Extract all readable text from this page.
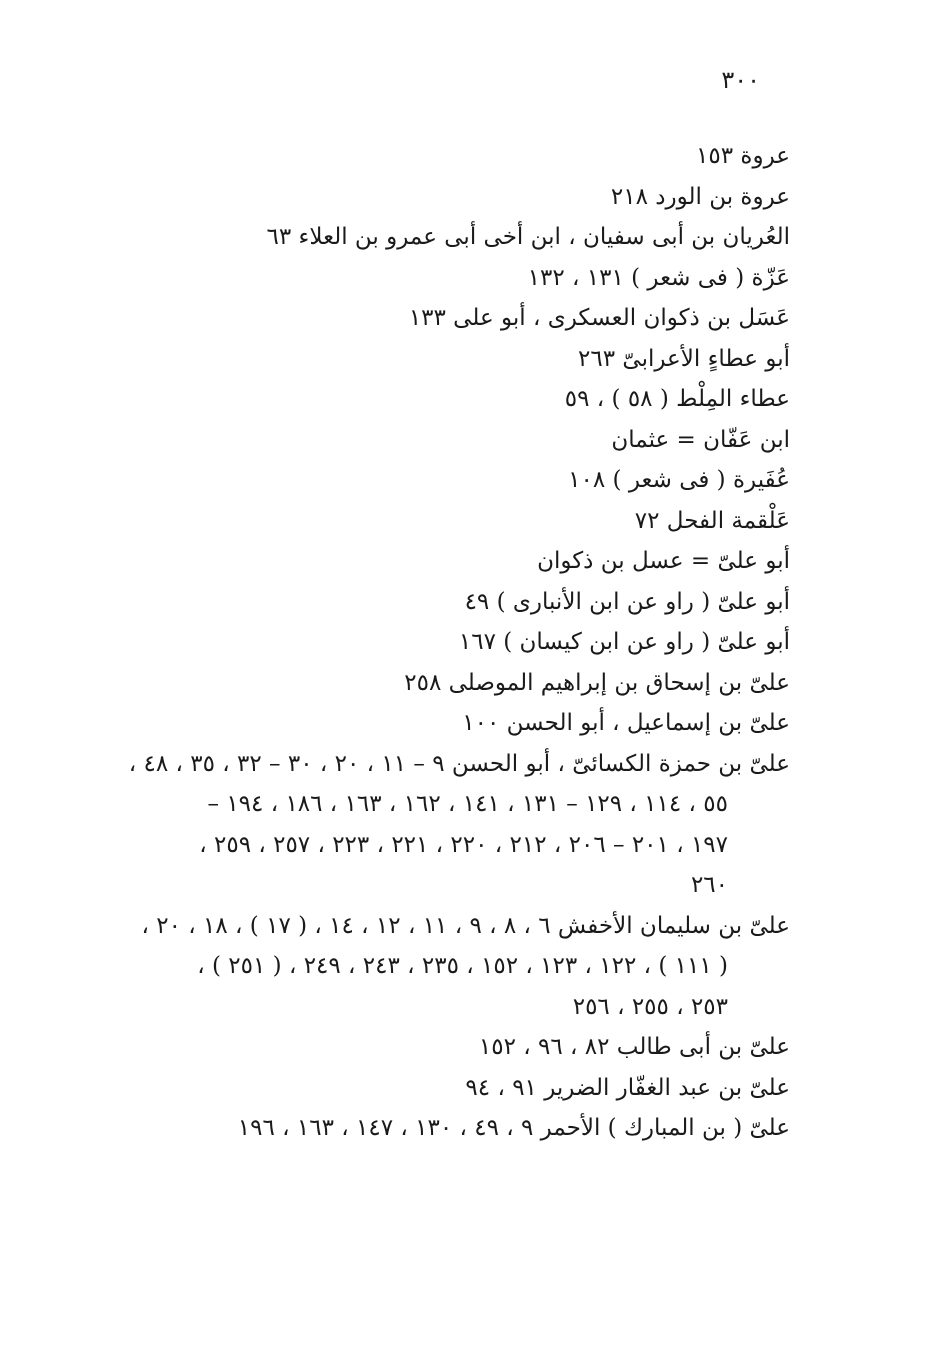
٣٠٠
عروة ١٥٣
عروة بن الورد ٢١٨
العُريان بن أبى سفيان ، ابن أخى أبى عمرو بن العلاء ٦٣
عَزّة ( فى شعر ) ١٣١ ، ١٣٢
عَسَل بن ذكوان العسكرى ، أبو على ١٣٣
أبو عطاءٍ الأعرابىّ ٢٦٣
عطاء المِلْط ( ٥٨ ) ، ٥٩
ابن عَفّان = عثمان
عُفَيرة ( فى شعر ) ١٠٨
عَلْقمة الفحل ٧٢
أبو علىّ = عسل بن ذكوان
أبو علىّ ( راو عن ابن الأنبارى ) ٤٩
أبو علىّ ( راو عن ابن كيسان ) ١٦٧
علىّ بن إسحاق بن إبراهيم الموصلى ٢٥٨
علىّ بن إسماعيل ، أبو الحسن ١٠٠
علىّ بن حمزة الكسائىّ ، أبو الحسن ٩ – ١١ ، ٢٠ ، ٣٠ – ٣٢ ، ٣٥ ، ٤٨ ،
٥٥ ، ١١٤ ، ١٢٩ – ١٣١ ، ١٤١ ، ١٦٢ ، ١٦٣ ، ١٨٦ ، ١٩٤ –
١٩٧ ، ٢٠١ – ٢٠٦ ، ٢١٢ ، ٢٢٠ ، ٢٢١ ، ٢٢٣ ، ٢٥٧ ، ٢٥٩ ،
٢٦٠
علىّ بن سليمان الأخفش ٦ ، ٨ ، ٩ ، ١١ ، ١٢ ، ١٤ ، ( ١٧ ) ، ١٨ ، ٢٠ ،
( ١١١ ) ، ١٢٢ ، ١٢٣ ، ١٥٢ ، ٢٣٥ ، ٢٤٣ ، ٢٤٩ ، ( ٢٥١ ) ،
٢٥٣ ، ٢٥٥ ، ٢٥٦
علىّ بن أبى طالب ٨٢ ، ٩٦ ، ١٥٢
علىّ بن عبد الغفّار الضرير ٩١ ، ٩٤
علىّ ( بن المبارك ) الأحمر ٩ ، ٤٩ ، ١٣٠ ، ١٤٧ ، ١٦٣ ، ١٩٦
